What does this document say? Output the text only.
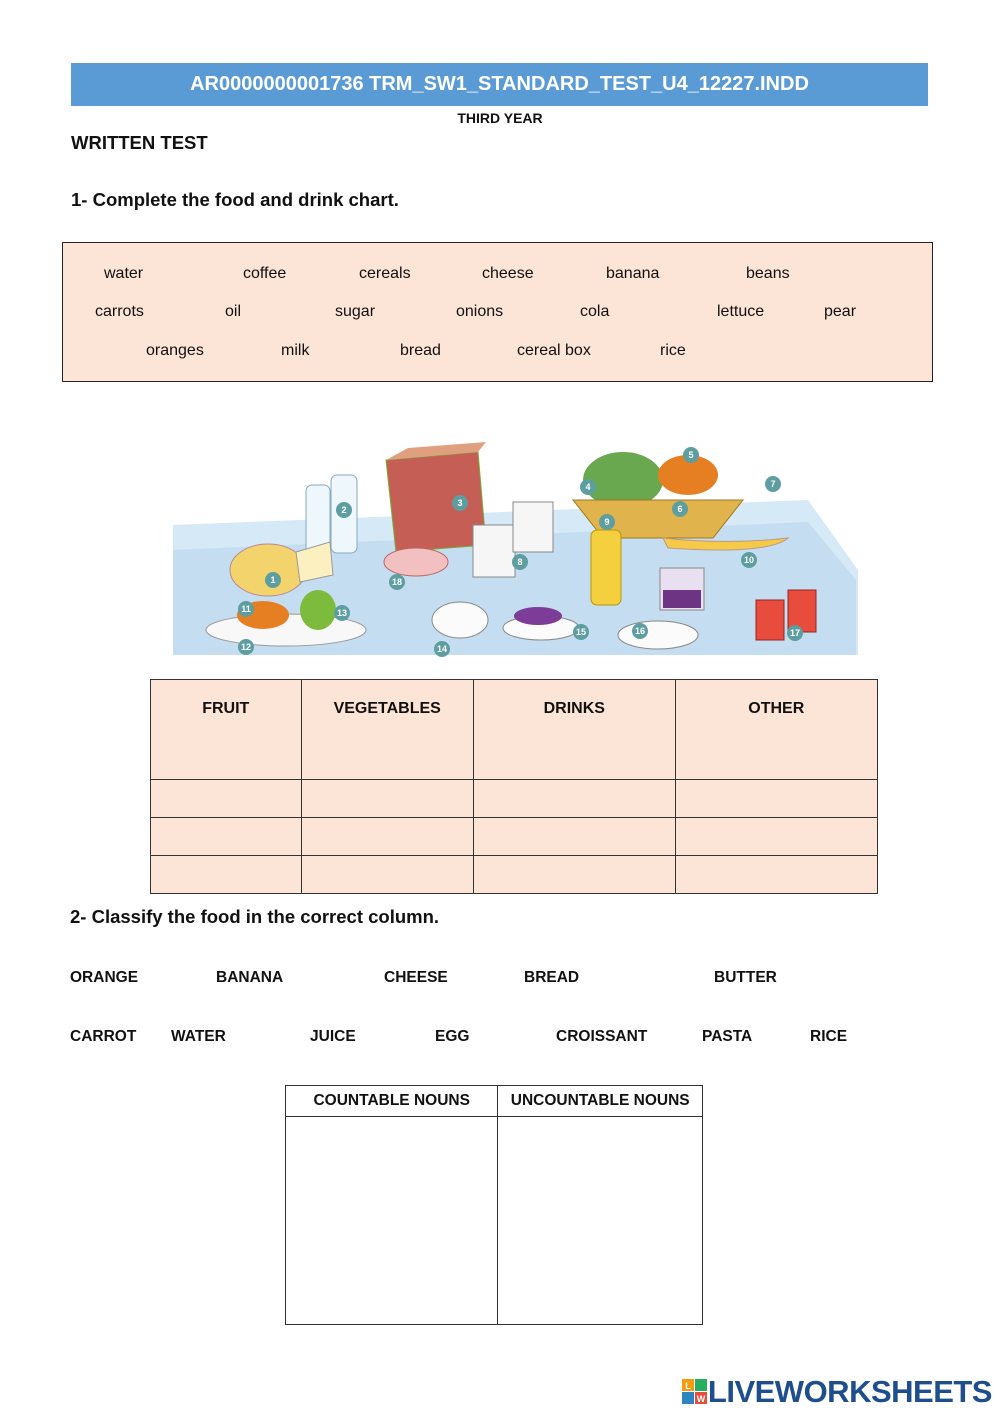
AR0000000001736 TRM_SW1_STANDARD_TEST_U4_12227.INDD
THIRD YEAR
WRITTEN TEST
1- Complete the food and drink chart.
water	coffee	cereals	cheese	banana	beans
carrots	oil	sugar	onions	cola	lettuce	pear
oranges	milk	bread	cereal box	rice
1
2
3
4
5
6
7
8
9
10
11
12
13
14
15	16	17
18
FRUIT	VEGETABLES	DRINKS	OTHER

2- Classify the food in the correct column.
ORANGE	BANANA	CHEESE	BREAD	BUTTER
CARROT WATER	JUICE	EGG	CROISSANT	PASTA	RICE
COUNTABLE NOUNS	UNCOUNTABLE NOUNS

L
W LIVEWORKSHEETS
